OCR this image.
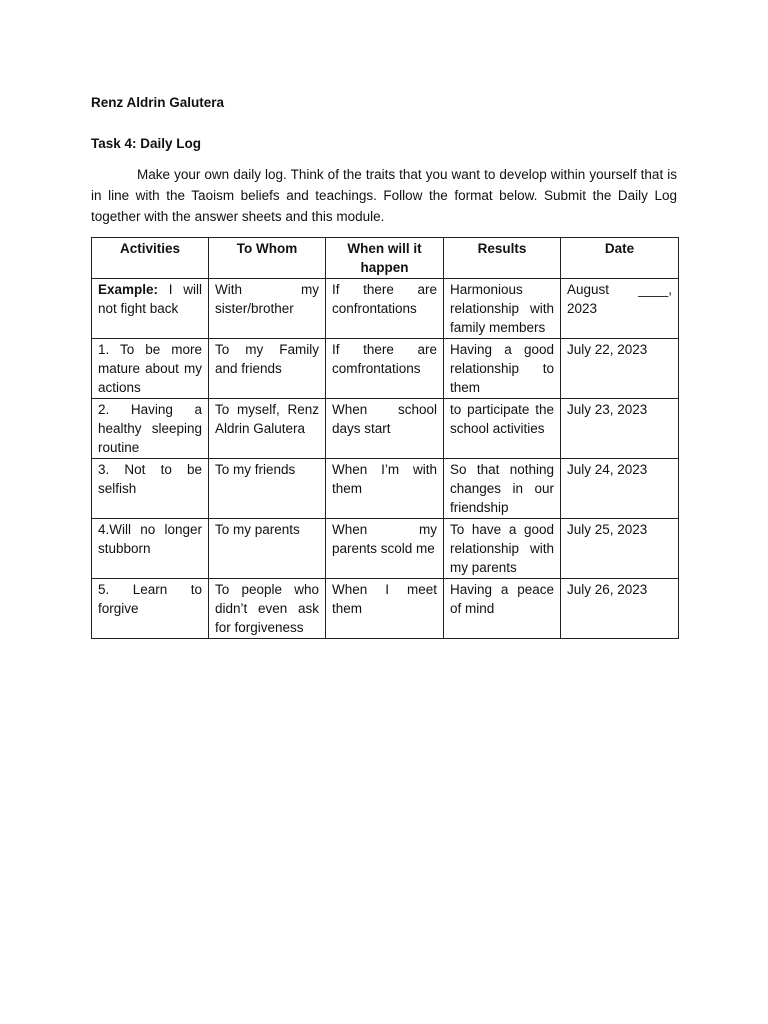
Renz Aldrin Galutera
Task 4: Daily Log

Make your own daily log. Think of the traits that you want to develop within yourself that is in line with the Taoism beliefs and teachings. Follow the format below. Submit the Daily Log together with the answer sheets and this module.

Activities	To Whom	When will it happen	Results	Date
Example: I will not fight back	With my sister/brother	If there are confrontations	Harmonious relationship with family members	August ____, 2023
1. To be more mature about my actions	To my Family and friends	If there are comfrontations	Having a good relationship to them	July 22, 2023
2. Having a healthy sleeping routine	To myself, Renz Aldrin Galutera	When school days start	to participate the school activities	July 23, 2023
3. Not to be selfish	To my friends	When I’m with them	So that nothing changes in our friendship	July 24, 2023
4.Will no longer stubborn	To my parents	When my parents scold me	To have a good relationship with my parents	July 25, 2023
5. Learn to forgive	To people who didn’t even ask for forgiveness	When I meet them	Having a peace of mind	July 26, 2023
